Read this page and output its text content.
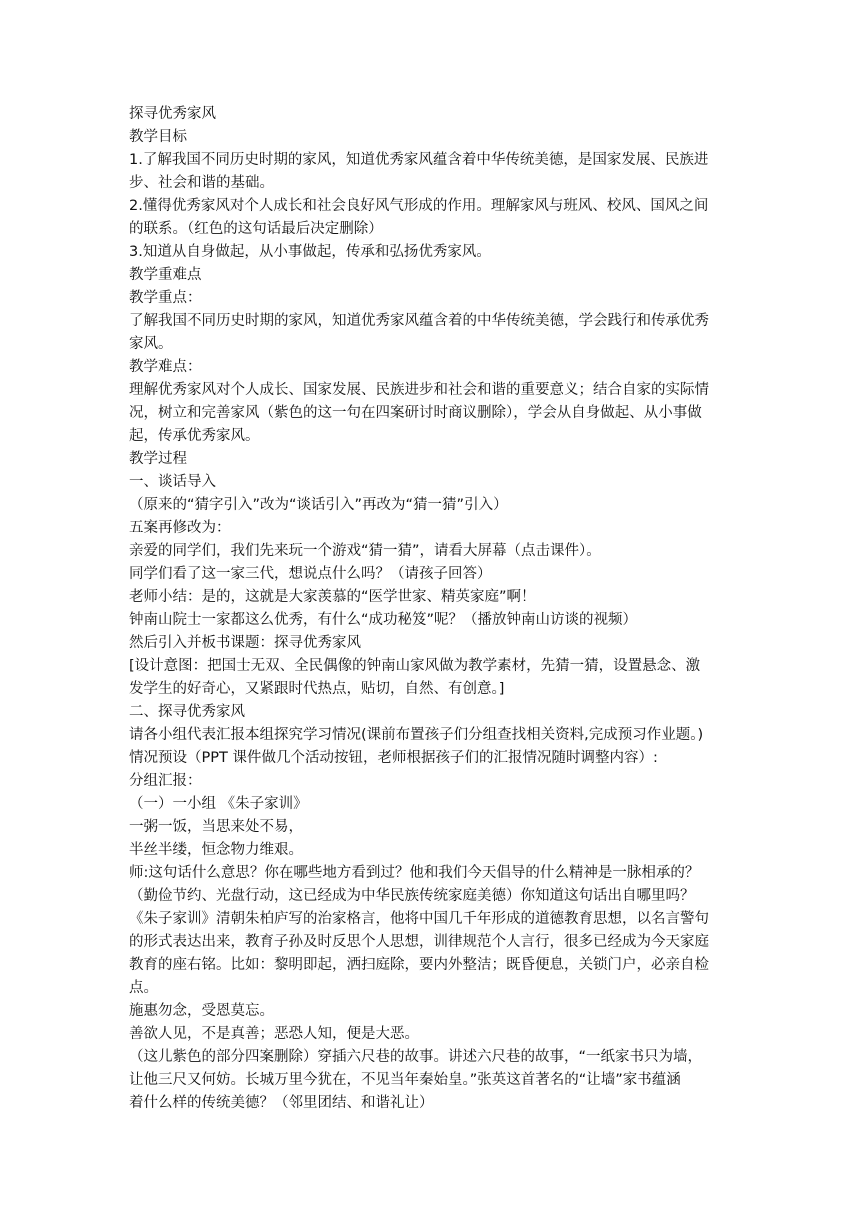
探寻优秀家风
教学目标
1.了解我国不同历史时期的家风，知道优秀家风蕴含着中华传统美德，是国家发展、民族进
步、社会和谐的基础。
2.懂得优秀家风对个人成长和社会良好风气形成的作用。理解家风与班风、校风、国风之间
的联系。（红色的这句话最后决定删除）
3.知道从自身做起，从小事做起，传承和弘扬优秀家风。
教学重难点
教学重点：
了解我国不同历史时期的家风，知道优秀家风蕴含着的中华传统美德，学会践行和传承优秀
家风。
教学难点：
理解优秀家风对个人成长、国家发展、民族进步和社会和谐的重要意义；结合自家的实际情
况，树立和完善家风（紫色的这一句在四案研讨时商议删除），学会从自身做起、从小事做
起，传承优秀家风。
教学过程
一、谈话导入
（原来的“猜字引入”改为“谈话引入”再改为“猜一猜”引入）
五案再修改为：
亲爱的同学们，我们先来玩一个游戏“猜一猜”，请看大屏幕（点击课件）。
同学们看了这一家三代，想说点什么吗？（请孩子回答）
老师小结：是的，这就是大家羡慕的“医学世家、精英家庭”啊！
钟南山院士一家都这么优秀，有什么“成功秘笈”呢？（播放钟南山访谈的视频）
然后引入并板书课题：探寻优秀家风
[设计意图：把国士无双、全民偶像的钟南山家风做为教学素材，先猜一猜，设置悬念、激
发学生的好奇心，又紧跟时代热点，贴切，自然、有创意。]
二、探寻优秀家风
请各小组代表汇报本组探究学习情况(课前布置孩子们分组查找相关资料,完成预习作业题。)
情况预设（PPT 课件做几个活动按钮，老师根据孩子们的汇报情况随时调整内容）:
分组汇报：
（一）一小组 《朱子家训》
一粥一饭，当思来处不易，
半丝半缕，恒念物力维艰。
师:这句话什么意思？你在哪些地方看到过？他和我们今天倡导的什么精神是一脉相承的？
（勤俭节约、光盘行动，这已经成为中华民族传统家庭美德）你知道这句话出自哪里吗？
《朱子家训》清朝朱柏庐写的治家格言，他将中国几千年形成的道德教育思想，以名言警句
的形式表达出来，教育子孙及时反思个人思想，训律规范个人言行，很多已经成为今天家庭
教育的座右铭。比如：黎明即起，洒扫庭除，要内外整洁；既昏便息，关锁门户，必亲自检
点。
施惠勿念，受恩莫忘。
善欲人见，不是真善；恶恐人知，便是大恶。
（这儿紫色的部分四案删除）穿插六尺巷的故事。讲述六尺巷的故事，“一纸家书只为墙，
让他三尺又何妨。长城万里今犹在，不见当年秦始皇。”张英这首著名的“让墙”家书蕴涵
着什么样的传统美德？（邻里团结、和谐礼让）
